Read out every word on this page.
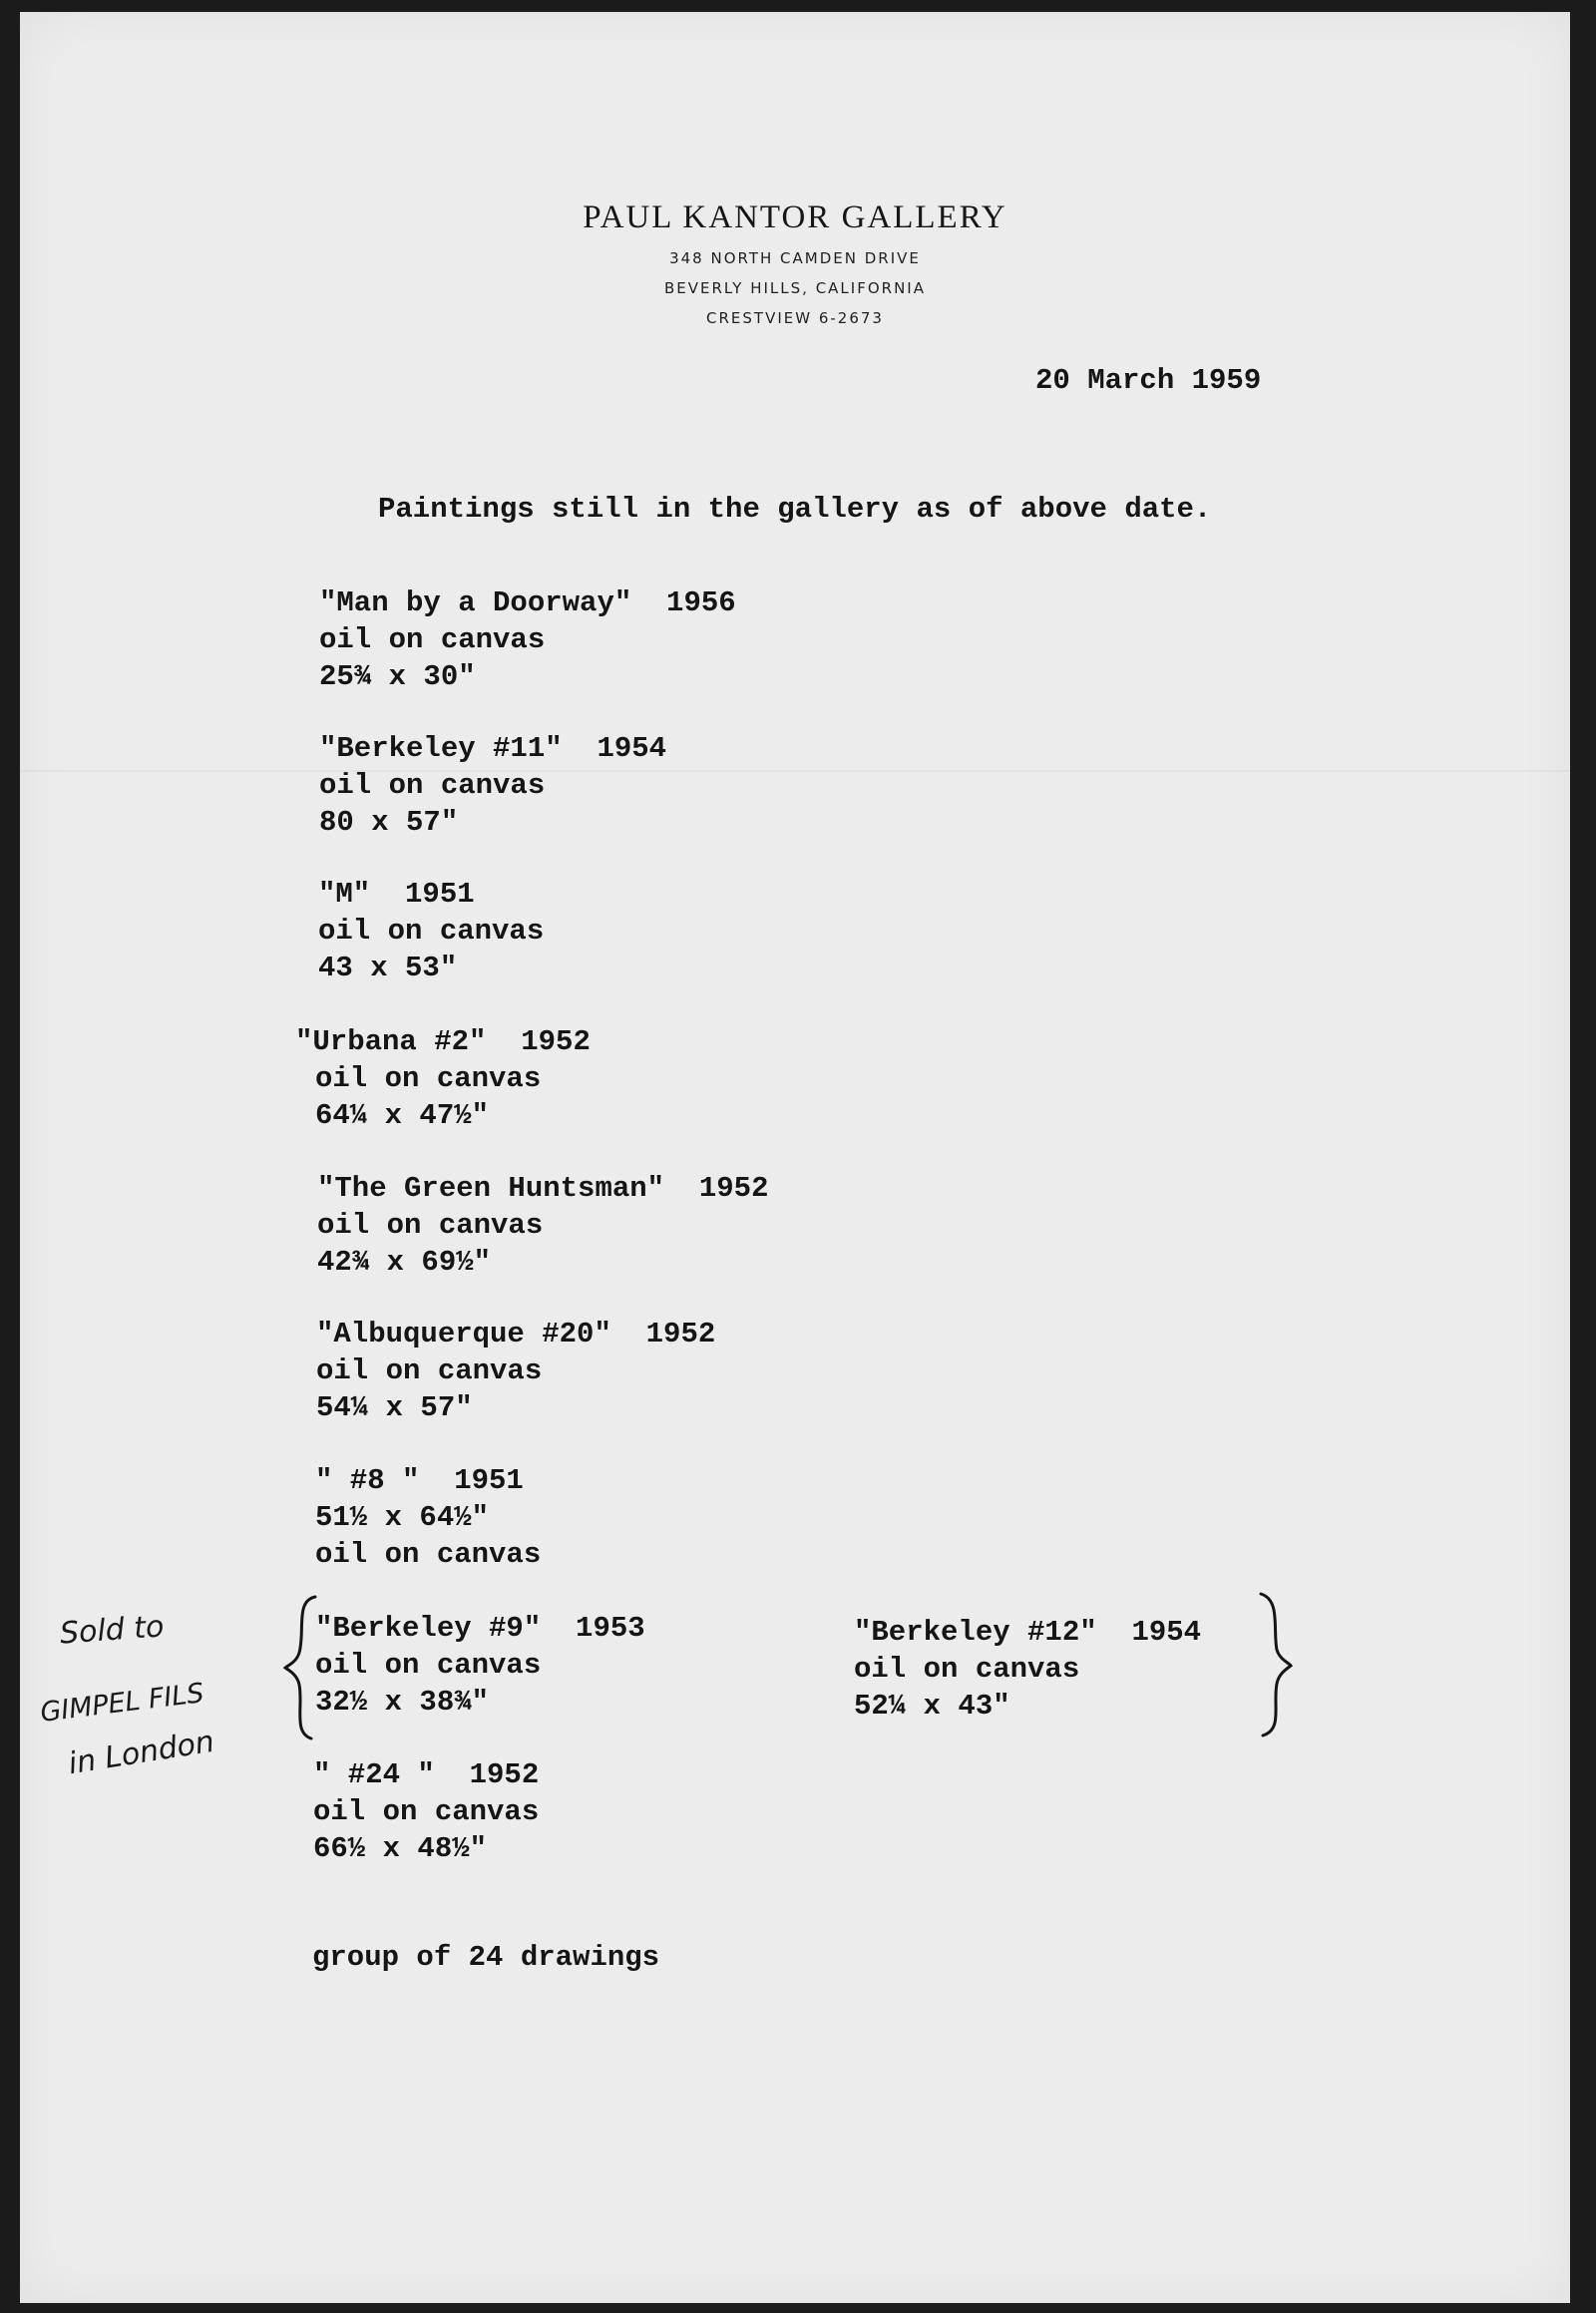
PAUL KANTOR GALLERY
348 NORTH CAMDEN DRIVE
BEVERLY HILLS, CALIFORNIA
CRESTVIEW 6-2673
20 March 1959
Paintings still in the gallery as of above date.
"Man by a Doorway"  1956
oil on canvas
25¾ x 30"
"Berkeley #11"  1954
oil on canvas
80 x 57"
"M"  1951
oil on canvas
43 x 53"
"Urbana #2"  1952
oil on canvas
64¼ x 47½"
"The Green Huntsman"  1952
oil on canvas
42¾ x 69½"
"Albuquerque #20"  1952
oil on canvas
54¼ x 57"
" #8 "  1951
51½ x 64½"
oil on canvas
"Berkeley #9"  1953
oil on canvas
32½ x 38¾"
"Berkeley #12"  1954
oil on canvas
52¼ x 43"
" #24 "  1952
oil on canvas
66½ x 48½"
group of 24 drawings
Sold to
GIMPEL FILS
in London
